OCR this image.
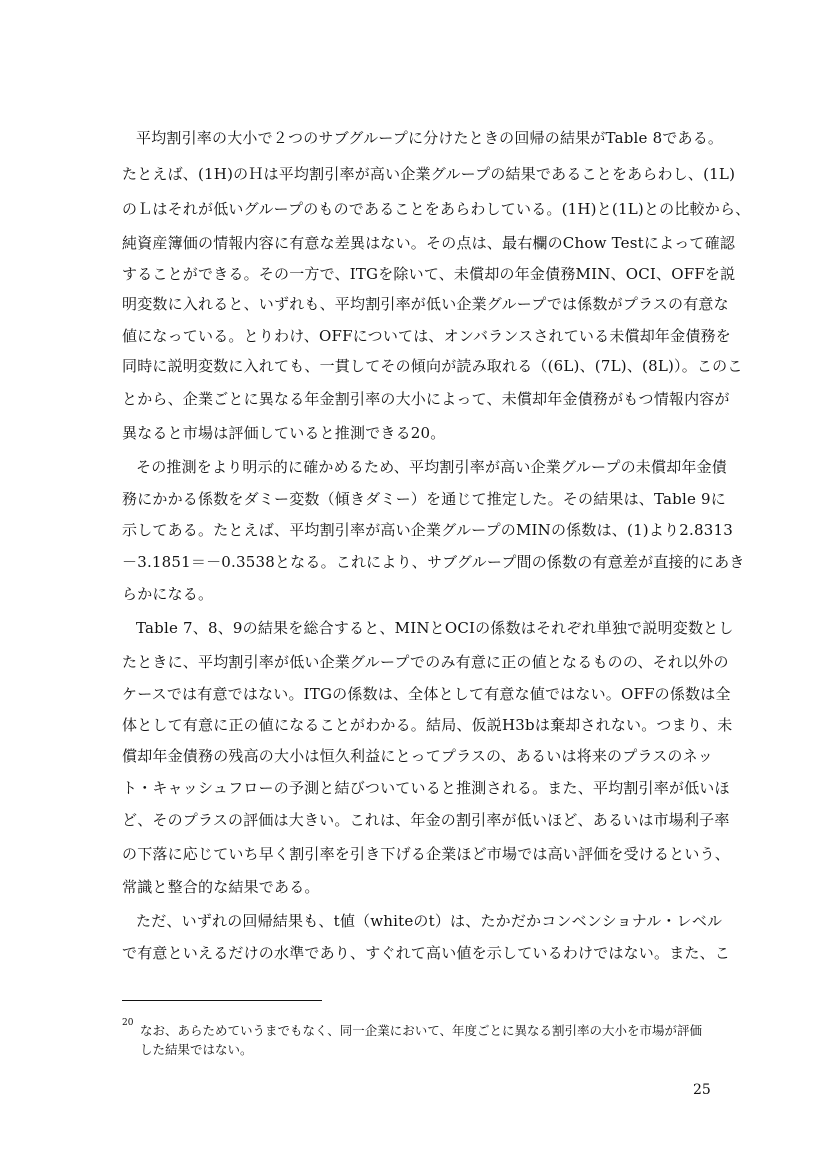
平均割引率の大小で２つのサブグループに分けたときの回帰の結果がTable 8である。
たとえば、(1H)のＨは平均割引率が高い企業グループの結果であることをあらわし、(1L)
のＬはそれが低いグループのものであることをあらわしている。(1H)と(1L)との比較から、
純資産簿価の情報内容に有意な差異はない。その点は、最右欄のChow Testによって確認
することができる。その一方で、ITGを除いて、未償却の年金債務MIN、OCI、OFFを説
明変数に入れると、いずれも、平均割引率が低い企業グループでは係数がプラスの有意な
値になっている。とりわけ、OFFについては、オンバランスされている未償却年金債務を
同時に説明変数に入れても、一貫してその傾向が読み取れる（(6L)、(7L)、(8L)）。このこ
とから、企業ごとに異なる年金割引率の大小によって、未償却年金債務がもつ情報内容が
異なると市場は評価していると推測できる20。
その推測をより明示的に確かめるため、平均割引率が高い企業グループの未償却年金債
務にかかる係数をダミー変数（傾きダミー）を通じて推定した。その結果は、Table 9に
示してある。たとえば、平均割引率が高い企業グループのMINの係数は、(1)より2.8313
－3.1851＝－0.3538となる。これにより、サブグループ間の係数の有意差が直接的にあき
らかになる。
Table 7、8、9の結果を総合すると、MINとOCIの係数はそれぞれ単独で説明変数とし
たときに、平均割引率が低い企業グループでのみ有意に正の値となるものの、それ以外の
ケースでは有意ではない。ITGの係数は、全体として有意な値ではない。OFFの係数は全
体として有意に正の値になることがわかる。結局、仮説H3bは棄却されない。つまり、未
償却年金債務の残高の大小は恒久利益にとってプラスの、あるいは将来のプラスのネッ
ト・キャッシュフローの予測と結びついていると推測される。また、平均割引率が低いほ
ど、そのプラスの評価は大きい。これは、年金の割引率が低いほど、あるいは市場利子率
の下落に応じていち早く割引率を引き下げる企業ほど市場では高い評価を受けるという、
常識と整合的な結果である。
ただ、いずれの回帰結果も、t値（whiteのt）は、たかだかコンベンショナル・レベル
で有意といえるだけの水準であり、すぐれて高い値を示しているわけではない。また、こ
20 なお、あらためていうまでもなく、同一企業において、年度ごとに異なる割引率の大小を市場が評価
した結果ではない。
25
